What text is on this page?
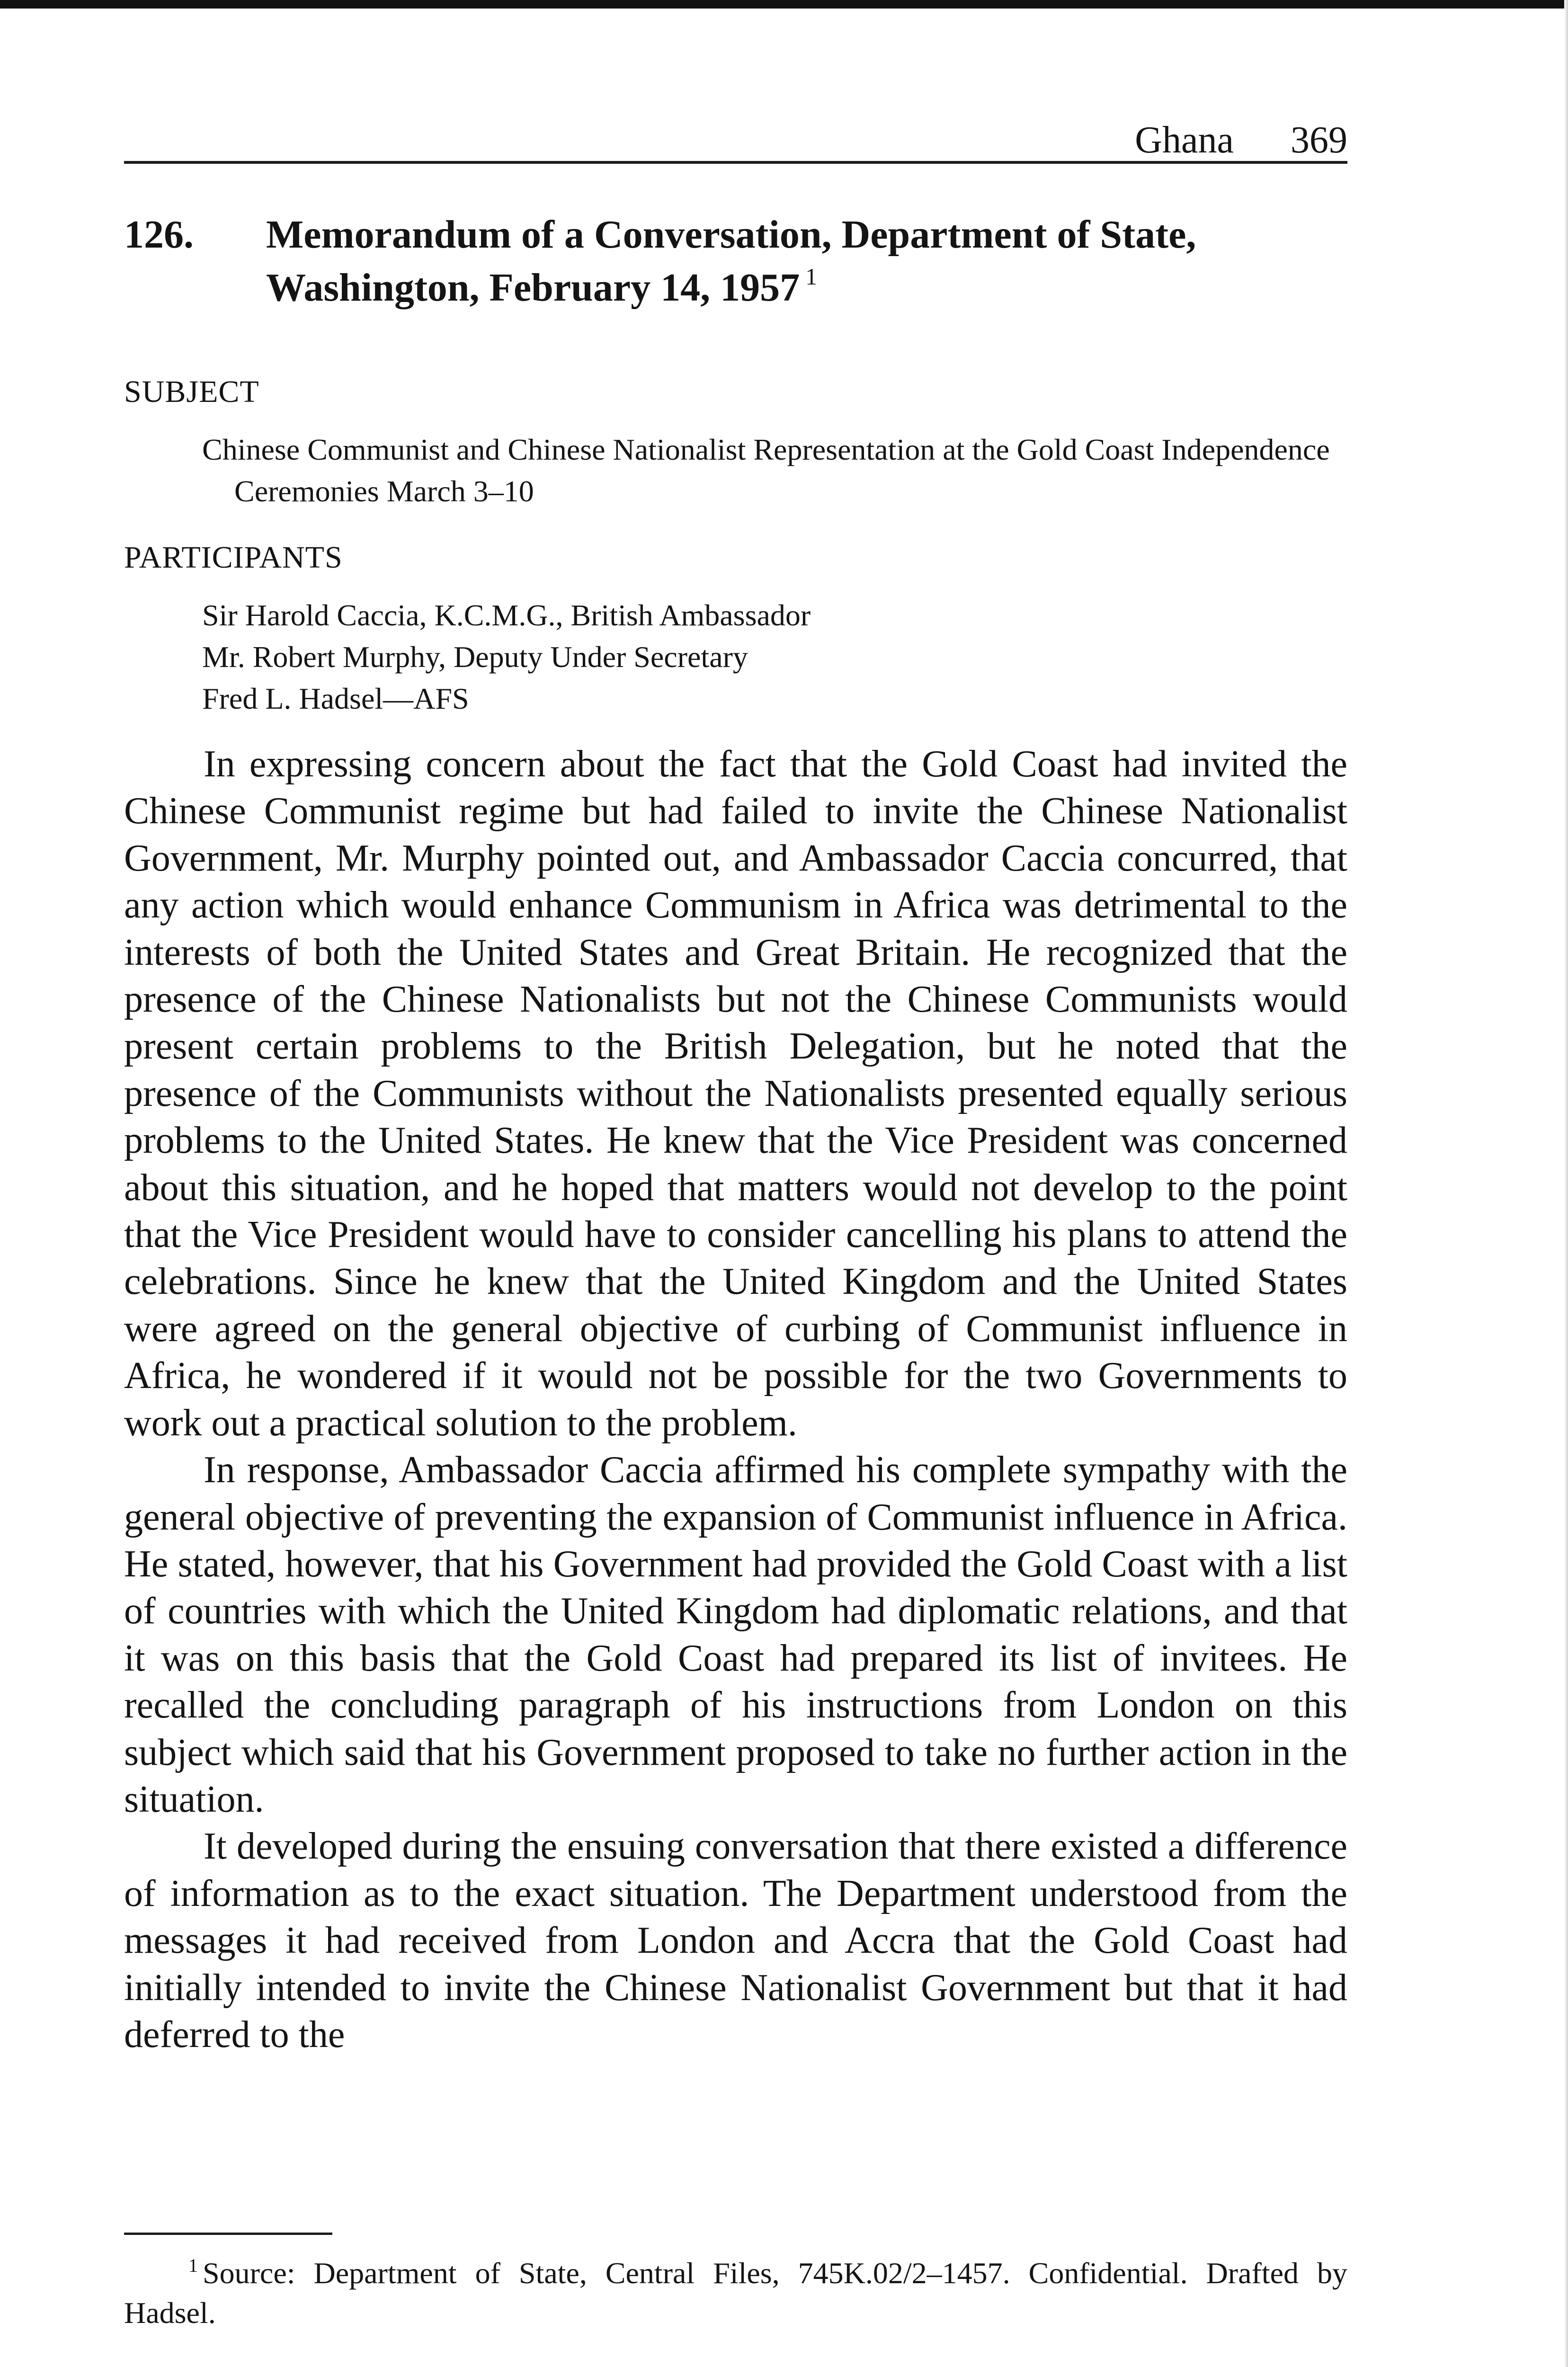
Ghana 369
126. Memorandum of a Conversation, Department of State, Washington, February 14, 1957 $^1$
SUBJECT
Chinese Communist and Chinese Nationalist Representation at the Gold Coast Independence Ceremonies March 3–10
PARTICIPANTS
Sir Harold Caccia, K.C.M.G., British Ambassador
Mr. Robert Murphy, Deputy Under Secretary
Fred L. Hadsel—AFS

In expressing concern about the fact that the Gold Coast had invited the Chinese Communist regime but had failed to invite the Chinese Nationalist Government, Mr. Murphy pointed out, and Ambassador Caccia concurred, that any action which would enhance Communism in Africa was detrimental to the interests of both the United States and Great Britain. He recognized that the presence of the Chinese Nationalists but not the Chinese Communists would present certain problems to the British Delegation, but he noted that the presence of the Communists without the Nationalists presented equally serious problems to the United States. He knew that the Vice President was concerned about this situation, and he hoped that matters would not develop to the point that the Vice President would have to consider cancelling his plans to attend the celebrations. Since he knew that the United Kingdom and the United States were agreed on the general objective of curbing of Communist influence in Africa, he wondered if it would not be possible for the two Governments to work out a practical solution to the problem.

In response, Ambassador Caccia affirmed his complete sympathy with the general objective of preventing the expansion of Communist influence in Africa. He stated, however, that his Government had provided the Gold Coast with a list of countries with which the United Kingdom had diplomatic relations, and that it was on this basis that the Gold Coast had prepared its list of invitees. He recalled the concluding paragraph of his instructions from London on this subject which said that his Government proposed to take no further action in the situation.

It developed during the ensuing conversation that there existed a difference of information as to the exact situation. The Department understood from the messages it had received from London and Accra that the Gold Coast had initially intended to invite the Chinese Nationalist Government but that it had deferred to the

$^1$ Source: Department of State, Central Files, 745K.02/2–1457. Confidential. Drafted by Hadsel.
